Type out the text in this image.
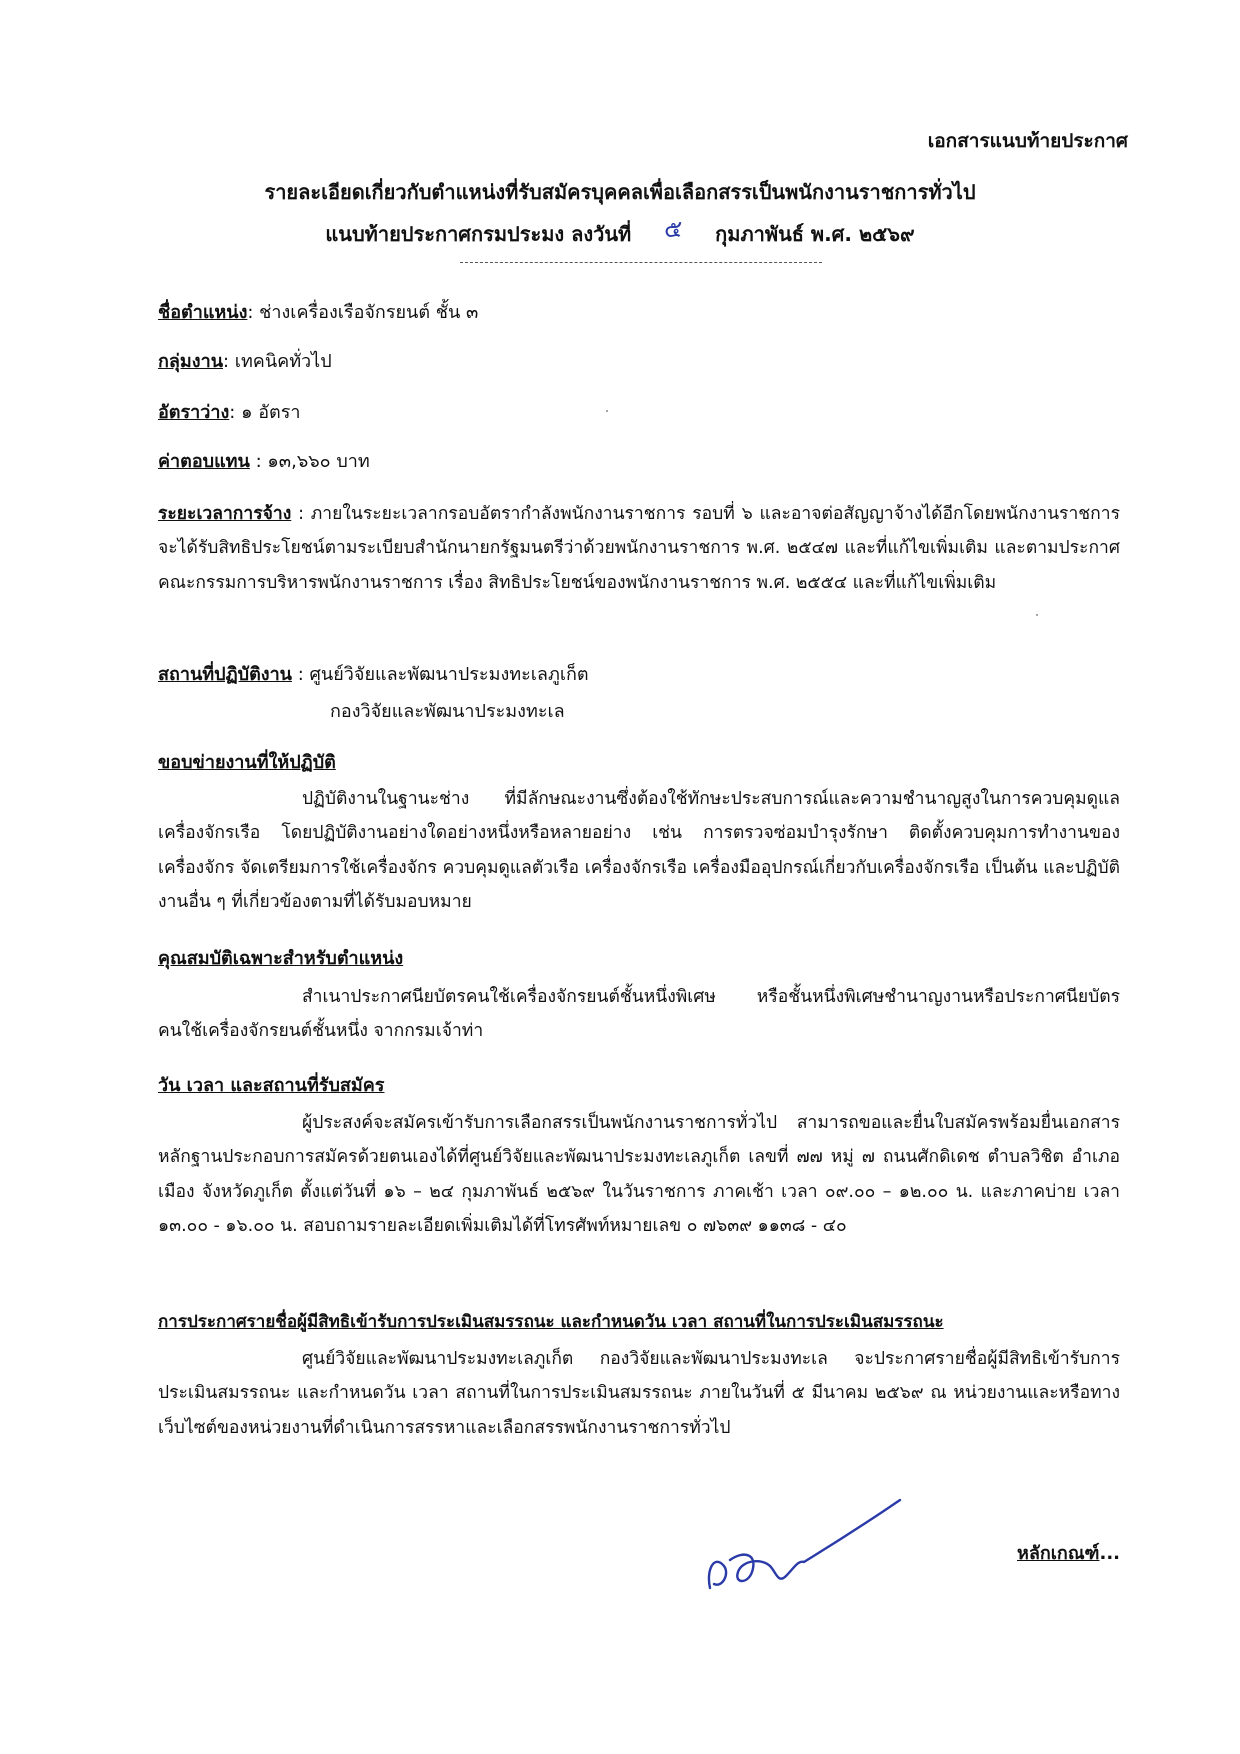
เอกสารแนบท้ายประกาศ
รายละเอียดเกี่ยวกับตำแหน่งที่รับสมัครบุคคลเพื่อเลือกสรรเป็นพนักงานราชการทั่วไป
แนบท้ายประกาศกรมประมง ลงวันที่ ๕ กุมภาพันธ์ พ.ศ. ๒๕๖๙
ชื่อตำแหน่ง: ช่างเครื่องเรือจักรยนต์ ชั้น ๓
กลุ่มงาน: เทคนิคทั่วไป
อัตราว่าง: ๑ อัตรา
ค่าตอบแทน : ๑๓,๖๖๐ บาท
ระยะเวลาการจ้าง : ภายในระยะเวลากรอบอัตรากำลังพนักงานราชการ รอบที่ ๖ และอาจต่อสัญญาจ้างได้อีกโดยพนักงานราชการจะได้รับสิทธิประโยชน์ตามระเบียบสำนักนายกรัฐมนตรีว่าด้วยพนักงานราชการ พ.ศ. ๒๕๔๗ และที่แก้ไขเพิ่มเติม และตามประกาศคณะกรรมการบริหารพนักงานราชการ เรื่อง สิทธิประโยชน์ของพนักงานราชการ พ.ศ. ๒๕๕๔ และที่แก้ไขเพิ่มเติม
สถานที่ปฏิบัติงาน : ศูนย์วิจัยและพัฒนาประมงทะเลภูเก็ต
กองวิจัยและพัฒนาประมงทะเล
ขอบข่ายงานที่ให้ปฏิบัติ
ปฏิบัติงานในฐานะช่าง ที่มีลักษณะงานซึ่งต้องใช้ทักษะประสบการณ์และความชำนาญสูงในการควบคุมดูแลเครื่องจักรเรือ โดยปฏิบัติงานอย่างใดอย่างหนึ่งหรือหลายอย่าง เช่น การตรวจซ่อมบำรุงรักษา ติดตั้งควบคุมการทำงานของเครื่องจักร จัดเตรียมการใช้เครื่องจักร ควบคุมดูแลตัวเรือ เครื่องจักรเรือ เครื่องมืออุปกรณ์เกี่ยวกับเครื่องจักรเรือ เป็นต้น และปฏิบัติงานอื่น ๆ ที่เกี่ยวข้องตามที่ได้รับมอบหมาย
คุณสมบัติเฉพาะสำหรับตำแหน่ง
สำเนาประกาศนียบัตรคนใช้เครื่องจักรยนต์ชั้นหนึ่งพิเศษ หรือชั้นหนึ่งพิเศษชำนาญงานหรือประกาศนียบัตรคนใช้เครื่องจักรยนต์ชั้นหนึ่ง จากกรมเจ้าท่า
วัน เวลา และสถานที่รับสมัคร
ผู้ประสงค์จะสมัครเข้ารับการเลือกสรรเป็นพนักงานราชการทั่วไป สามารถขอและยื่นใบสมัครพร้อมยื่นเอกสารหลักฐานประกอบการสมัครด้วยตนเองได้ที่ศูนย์วิจัยและพัฒนาประมงทะเลภูเก็ต เลขที่ ๗๗ หมู่ ๗ ถนนศักดิเดช ตำบลวิชิต อำเภอเมือง จังหวัดภูเก็ต ตั้งแต่วันที่ ๑๖ – ๒๔ กุมภาพันธ์ ๒๕๖๙ ในวันราชการ ภาคเช้า เวลา ๐๙.๐๐ – ๑๒.๐๐ น. และภาคบ่าย เวลา ๑๓.๐๐ - ๑๖.๐๐ น. สอบถามรายละเอียดเพิ่มเติมได้ที่โทรศัพท์หมายเลข ๐ ๗๖๓๙ ๑๑๓๘ - ๔๐
การประกาศรายชื่อผู้มีสิทธิเข้ารับการประเมินสมรรถนะ และกำหนดวัน เวลา สถานที่ในการประเมินสมรรถนะ
ศูนย์วิจัยและพัฒนาประมงทะเลภูเก็ต กองวิจัยและพัฒนาประมงทะเล จะประกาศรายชื่อผู้มีสิทธิเข้ารับการประเมินสมรรถนะ และกำหนดวัน เวลา สถานที่ในการประเมินสมรรถนะ ภายในวันที่ ๕ มีนาคม ๒๕๖๙ ณ หน่วยงานและหรือทางเว็บไซต์ของหน่วยงานที่ดำเนินการสรรหาและเลือกสรรพนักงานราชการทั่วไป
หลักเกณฑ์...
